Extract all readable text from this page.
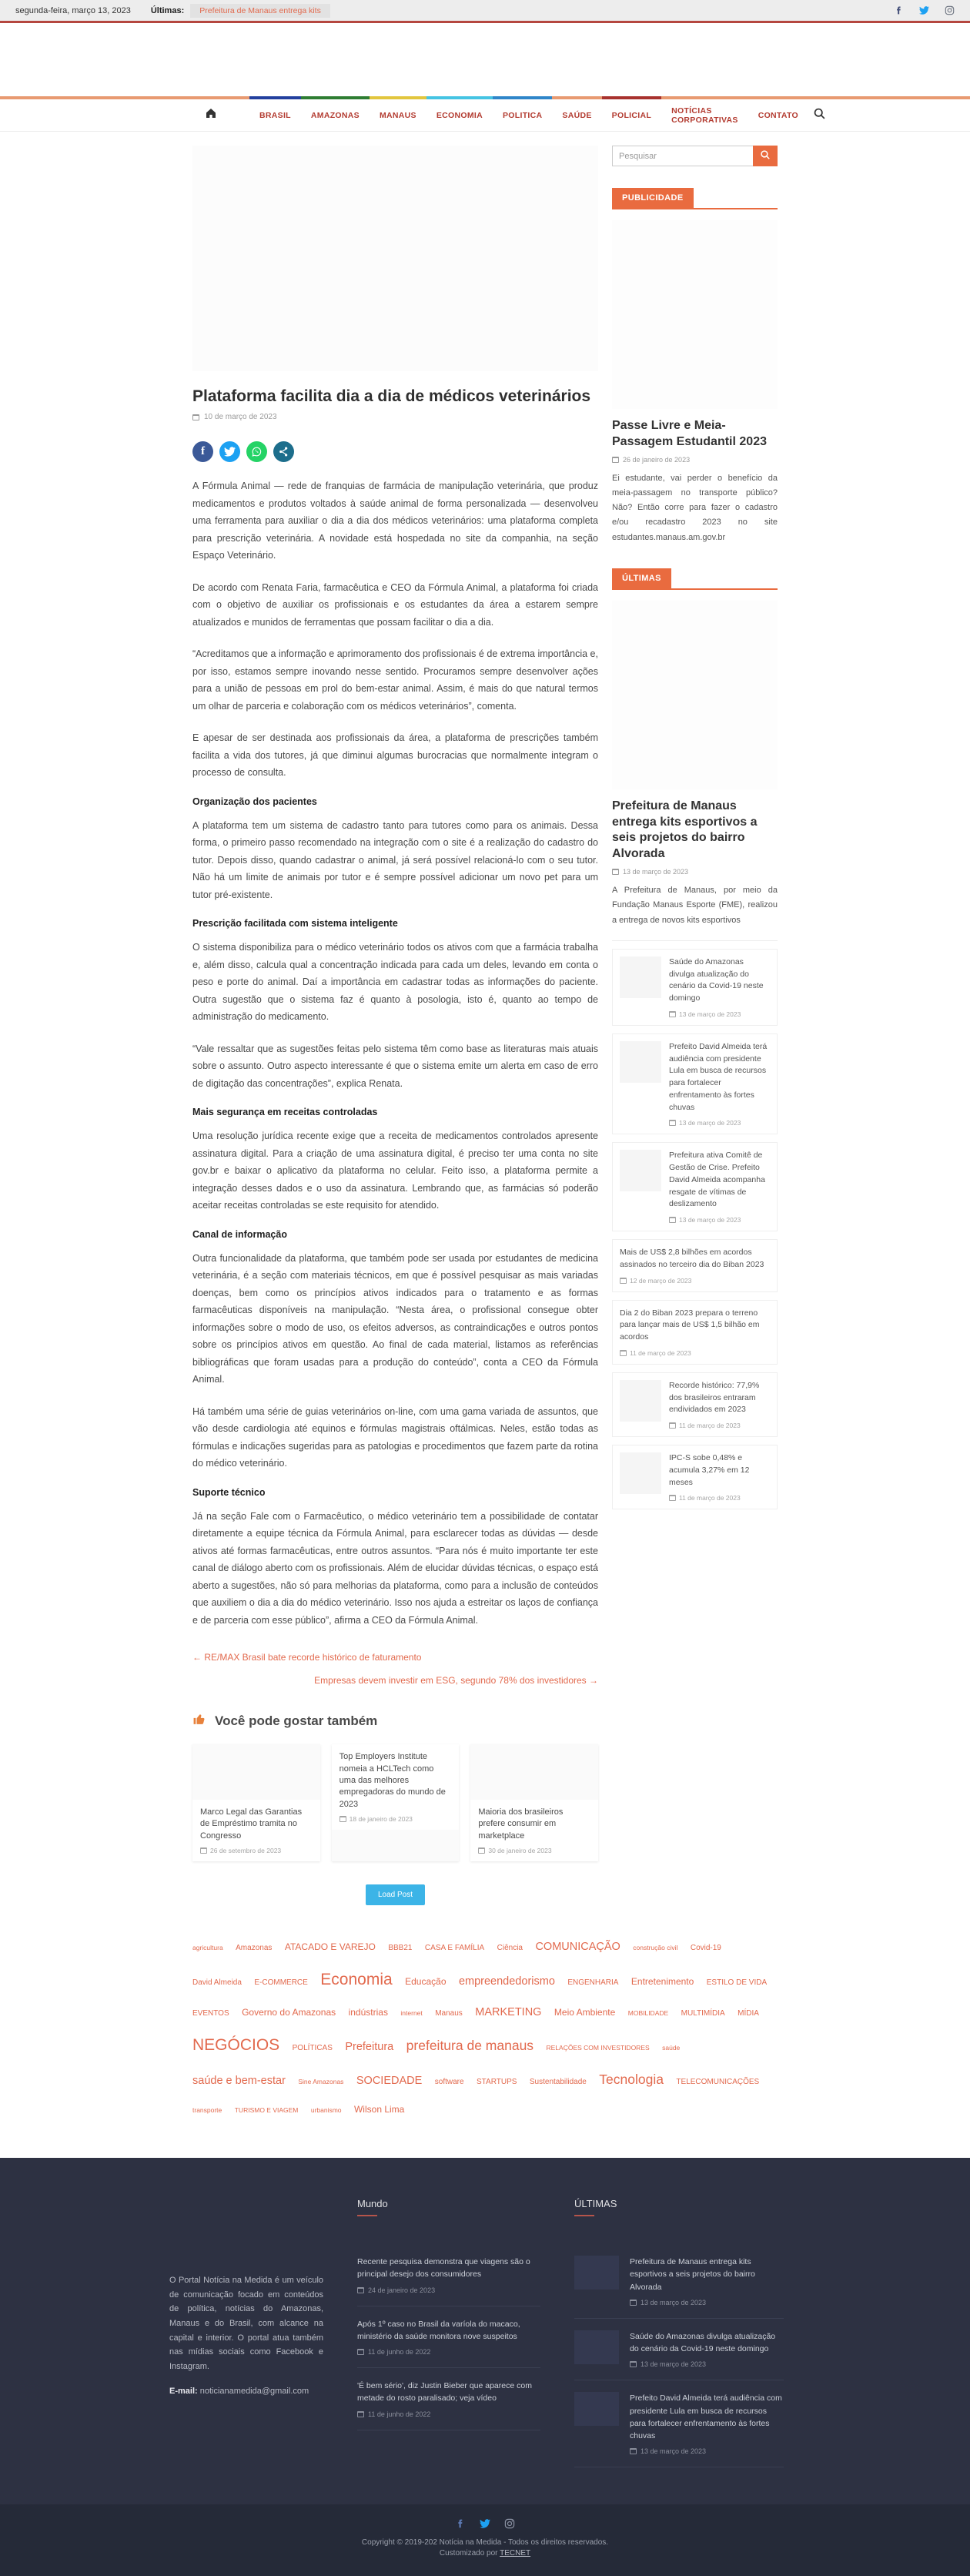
segunda-feira, março 13, 2023 Últimas:	Prefeitura de Manaus entrega kits
BRASIL	AMAZONAS	MANAUS	ECONOMIA	POLITICA	SAÚDE	POLICIAL	NOTÍCIAS CORPORATIVAS	CONTATO
Plataforma facilita dia a dia de médicos veterinários
10 de março de 2023
f

A Fórmula Animal — rede de franquias de farmácia de manipulação veterinária, que produz medicamentos e produtos voltados à saúde animal de forma personalizada — desenvolveu uma ferramenta para auxiliar o dia a dia dos médicos veterinários: uma plataforma completa para prescrição veterinária. A novidade está hospedada no site da companhia, na seção Espaço Veterinário.

De acordo com Renata Faria, farmacêutica e CEO da Fórmula Animal, a plataforma foi criada com o objetivo de auxiliar os profissionais e os estudantes da área a estarem sempre atualizados e munidos de ferramentas que possam facilitar o dia a dia.

“Acreditamos que a informação e aprimoramento dos profissionais é de extrema importância e, por isso, estamos sempre inovando nesse sentido. Procuramos sempre desenvolver ações para a união de pessoas em prol do bem-estar animal. Assim, é mais do que natural termos um olhar de parceria e colaboração com os médicos veterinários”, comenta.

E apesar de ser destinada aos profissionais da área, a plataforma de prescrições também facilita a vida dos tutores, já que diminui algumas burocracias que normalmente integram o processo de consulta.

Organização dos pacientes

A plataforma tem um sistema de cadastro tanto para tutores como para os animais. Dessa forma, o primeiro passo recomendado na integração com o site é a realização do cadastro do tutor. Depois disso, quando cadastrar o animal, já será possível relacioná-lo com o seu tutor. Não há um limite de animais por tutor e é sempre possível adicionar um novo pet para um tutor pré-existente.

Prescrição facilitada com sistema inteligente

O sistema disponibiliza para o médico veterinário todos os ativos com que a farmácia trabalha e, além disso, calcula qual a concentração indicada para cada um deles, levando em conta o peso e porte do animal. Daí a importância em cadastrar todas as informações do paciente. Outra sugestão que o sistema faz é quanto à posologia, isto é, quanto ao tempo de administração do medicamento.

“Vale ressaltar que as sugestões feitas pelo sistema têm como base as literaturas mais atuais sobre o assunto. Outro aspecto interessante é que o sistema emite um alerta em caso de erro de digitação das concentrações”, explica Renata.

Mais segurança em receitas controladas

Uma resolução jurídica recente exige que a receita de medicamentos controlados apresente assinatura digital. Para a criação de uma assinatura digital, é preciso ter uma conta no site gov.br e baixar o aplicativo da plataforma no celular. Feito isso, a plataforma permite a integração desses dados e o uso da assinatura. Lembrando que, as farmácias só poderão aceitar receitas controladas se este requisito for atendido.

Canal de informação

Outra funcionalidade da plataforma, que também pode ser usada por estudantes de medicina veterinária, é a seção com materiais técnicos, em que é possível pesquisar as mais variadas doenças, bem como os princípios ativos indicados para o tratamento e as formas farmacêuticas disponíveis na manipulação. “Nesta área, o profissional consegue obter informações sobre o modo de uso, os efeitos adversos, as contraindicações e outros pontos sobre os princípios ativos em questão. Ao final de cada material, listamos as referências bibliográficas que foram usadas para a produção do conteúdo”, conta a CEO da Fórmula Animal.

Há também uma série de guias veterinários on-line, com uma gama variada de assuntos, que vão desde cardiologia até equinos e fórmulas magistrais oftálmicas. Neles, estão todas as fórmulas e indicações sugeridas para as patologias e procedimentos que fazem parte da rotina do médico veterinário.

Suporte técnico

Já na seção Fale com o Farmacêutico, o médico veterinário tem a possibilidade de contatar diretamente a equipe técnica da Fórmula Animal, para esclarecer todas as dúvidas — desde ativos até formas farmacêuticas, entre outros assuntos. “Para nós é muito importante ter este canal de diálogo aberto com os profissionais. Além de elucidar dúvidas técnicas, o espaço está aberto a sugestões, não só para melhorias da plataforma, como para a inclusão de conteúdos que auxiliem o dia a dia do médico veterinário. Isso nos ajuda a estreitar os laços de confiança e de parceria com esse público”, afirma a CEO da Fórmula Animal.

← RE/MAX Brasil bate recorde histórico de faturamento
Empresas devem investir em ESG, segundo 78% dos investidores →
Você pode gostar também
Marco Legal das Garantias de Empréstimo tramita no Congresso
26 de setembro de 2023
Top Employers Institute nomeia a HCLTech como uma das melhores empregadoras do mundo de 2023
18 de janeiro de 2023
Maioria dos brasileiros prefere consumir em marketplace
30 de janeiro de 2023
Load Post
Pesquisar
PUBLICIDADE
Passe Livre e Meia-Passagem Estudantil 2023
26 de janeiro de 2023
Ei estudante, vai perder o benefício da meia-passagem no transporte público?Não? Então corre para fazer o cadastro e/ou recadastro 2023 no site estudantes.manaus.am.gov.br
ÚLTIMAS
Prefeitura de Manaus entrega kits esportivos a seis projetos do bairro Alvorada
13 de março de 2023
A Prefeitura de Manaus, por meio da Fundação Manaus Esporte (FME), realizou a entrega de novos kits esportivos
Saúde do Amazonas divulga atualização do cenário da Covid-19 neste domingo
13 de março de 2023
Prefeito David Almeida terá audiência com presidente Lula em busca de recursos para fortalecer enfrentamento às fortes chuvas
13 de março de 2023
Prefeitura ativa Comitê de Gestão de Crise. Prefeito David Almeida acompanha resgate de vítimas de deslizamento
13 de março de 2023
Mais de US$ 2,8 bilhões em acordos assinados no terceiro dia do Biban 2023
12 de março de 2023
Dia 2 do Biban 2023 prepara o terreno para lançar mais de US$ 1,5 bilhão em acordos
11 de março de 2023
Recorde histórico: 77,9% dos brasileiros entraram endividados em 2023
11 de março de 2023
IPC-S sobe 0,48% e acumula 3,27% em 12 meses
11 de março de 2023
agricultura Amazonas ATACADO E VAREJO BBB21 CASA E FAMÍLIA Ciência COMUNICAÇÃO construção civil Covid-19 David Almeida E-COMMERCE Economia Educação empreendedorismo ENGENHARIA Entretenimento ESTILO DE VIDA EVENTOS Governo do Amazonas indústrias internet Manaus MARKETING Meio Ambiente MOBILIDADE MULTIMÍDIA MÍDIA NEGÓCIOS POLÍTICAS Prefeitura prefeitura de manaus RELAÇÕES COM INVESTIDORES saúde saúde e bem-estar Sine Amazonas SOCIEDADE software STARTUPS Sustentabilidade Tecnologia TELECOMUNICAÇÕES transporte TURISMO E VIAGEM urbanismo Wilson Lima
O Portal Notícia na Medida é um veículo de comunicação focado em conteúdos de política, notícias do Amazonas, Manaus e do Brasil, com alcance na capital e interior. O portal atua também nas mídias sociais como Facebook e Instagram.
E-mail: noticianamedida@gmail.com
Mundo
Recente pesquisa demonstra que viagens são o principal desejo dos consumidores
24 de janeiro de 2023
Após 1º caso no Brasil da varíola do macaco, ministério da saúde monitora nove suspeitos
11 de junho de 2022
'É bem sério', diz Justin Bieber que aparece com metade do rosto paralisado; veja vídeo
11 de junho de 2022
ÚLTIMAS
Prefeitura de Manaus entrega kits esportivos a seis projetos do bairro Alvorada
13 de março de 2023
Saúde do Amazonas divulga atualização do cenário da Covid-19 neste domingo
13 de março de 2023
Prefeito David Almeida terá audiência com presidente Lula em busca de recursos para fortalecer enfrentamento às fortes chuvas
13 de março de 2023
Copyright © 2019-202 Notícia na Medida - Todos os direitos reservados.
Customizado por TECNET
